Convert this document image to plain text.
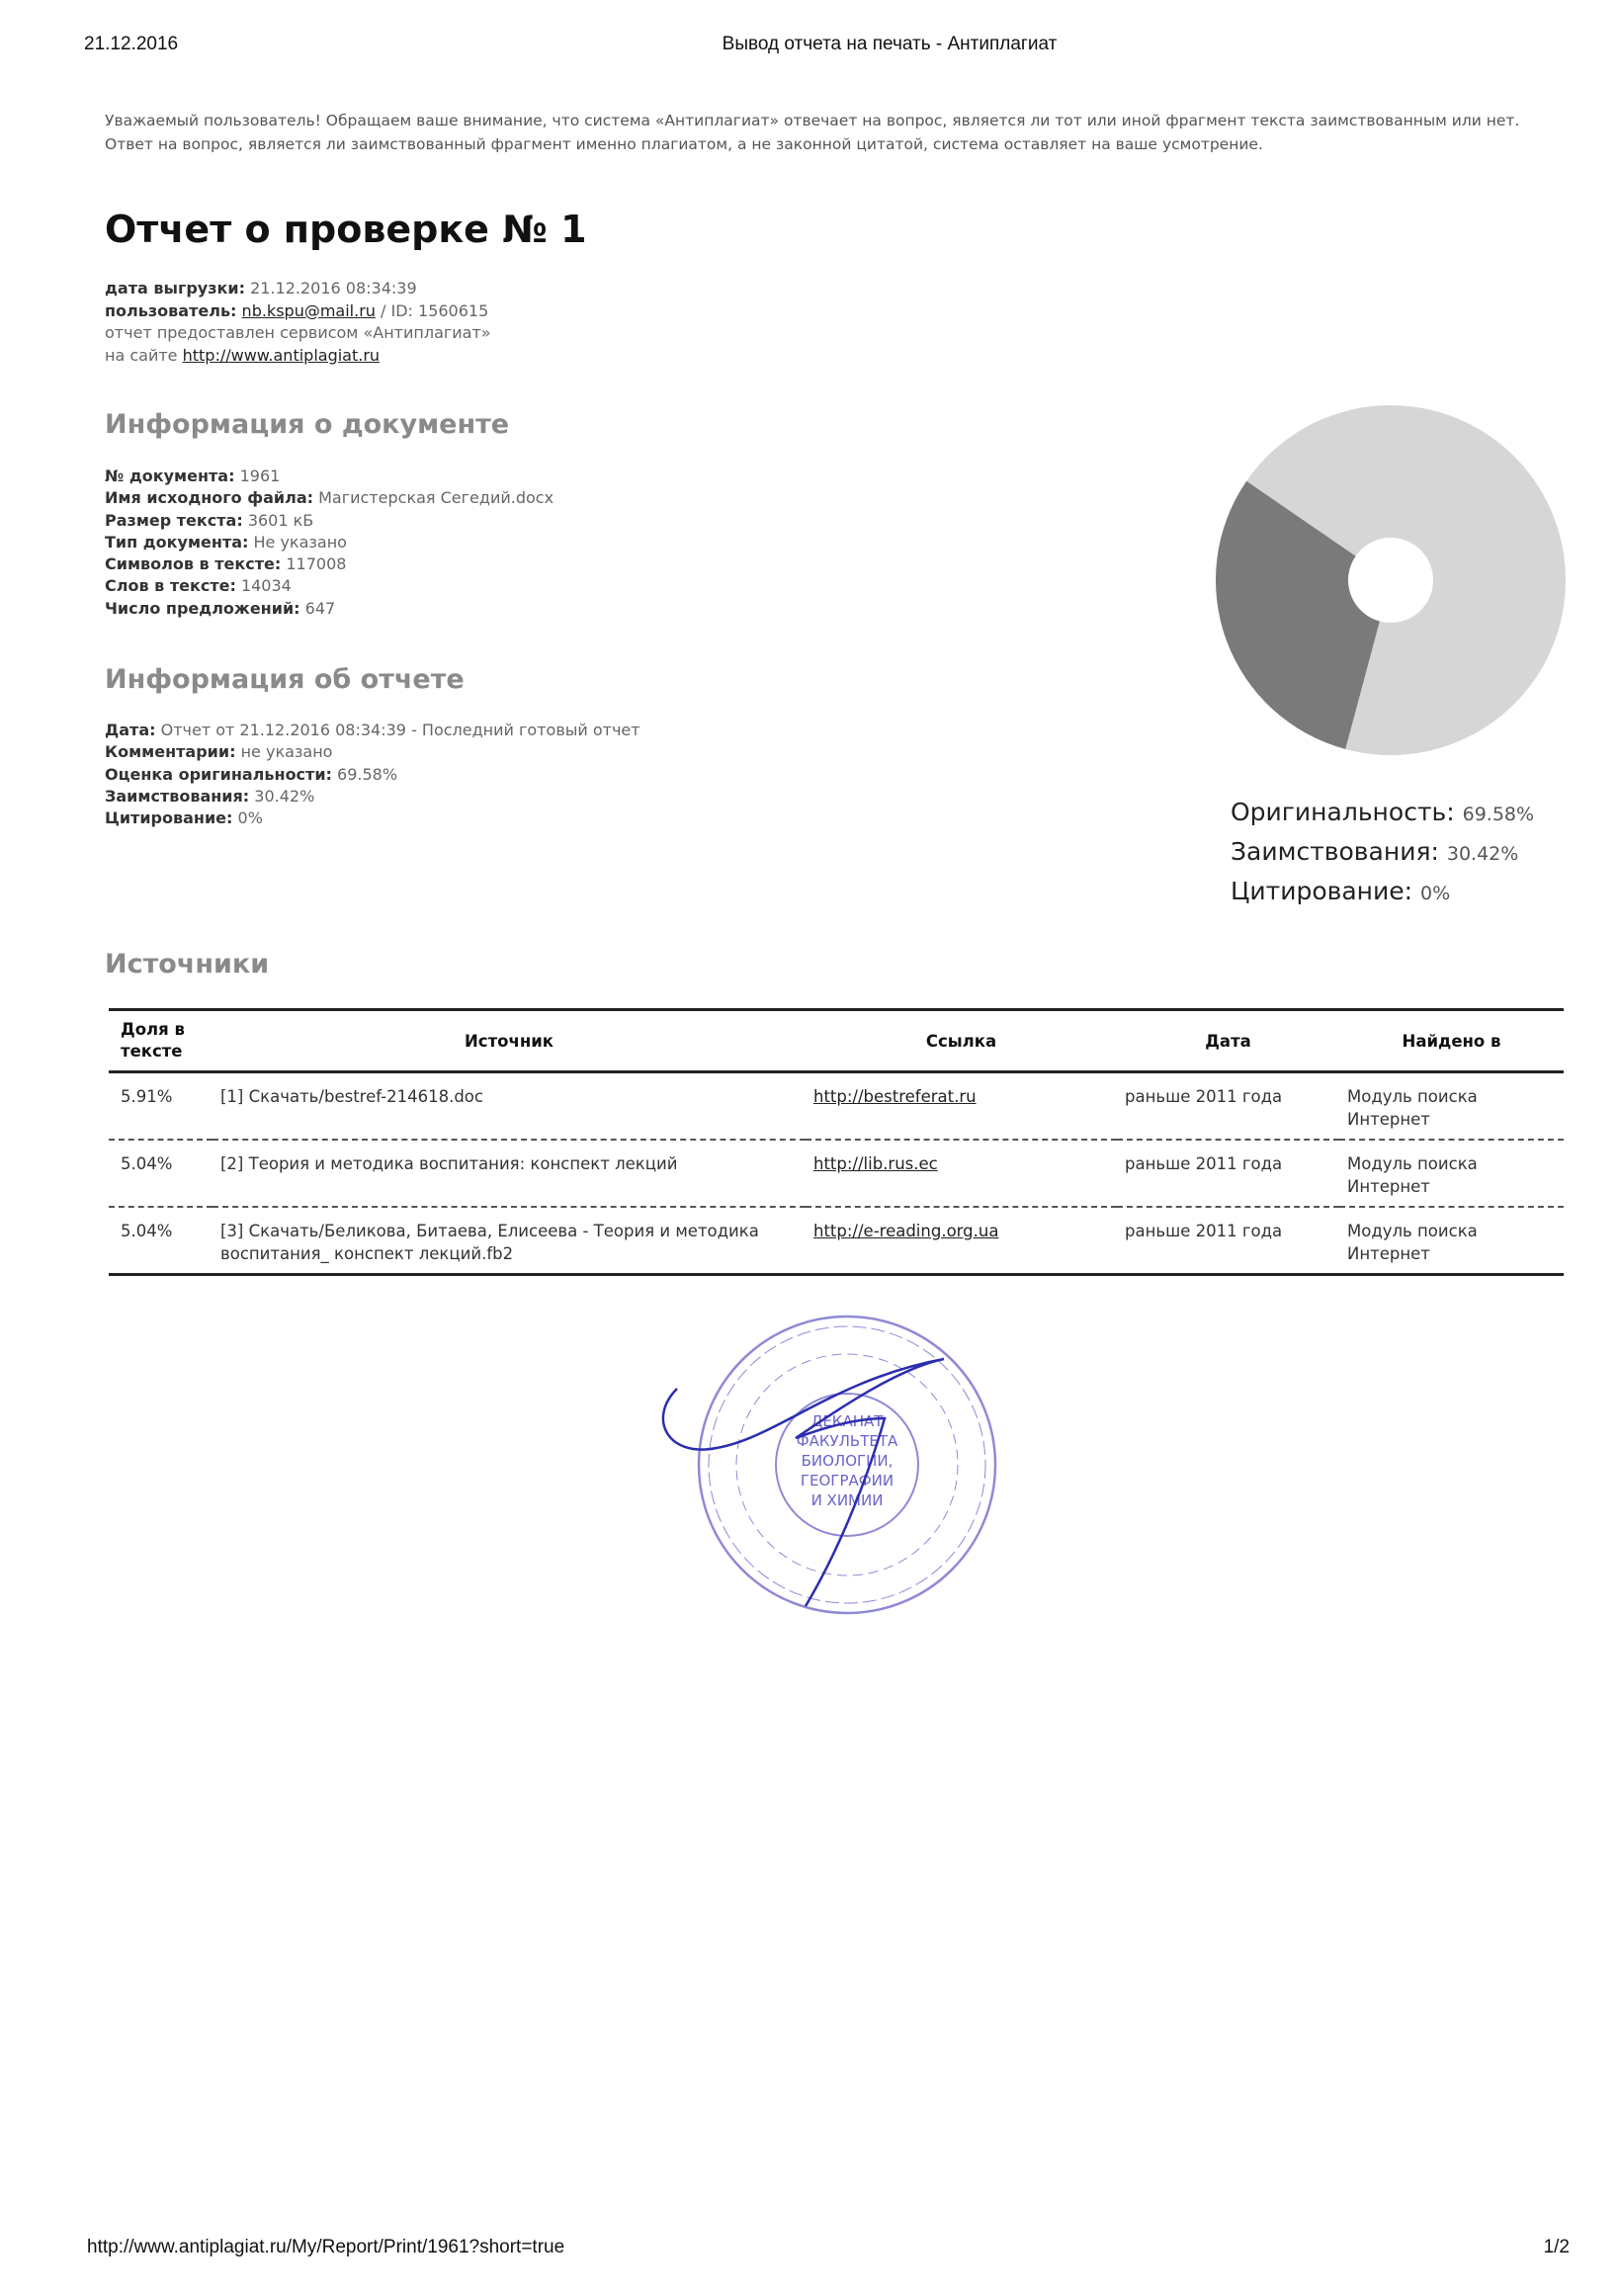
21.12.2016	Вывод отчета на печать - Антиплагиат
Уважаемый пользователь! Обращаем ваше внимание, что система «Антиплагиат» отвечает на вопрос, является ли тот или иной фрагмент текста заимствованным или нет. Ответ на вопрос, является ли заимствованный фрагмент именно плагиатом, а не законной цитатой, система оставляет на ваше усмотрение.
Отчет о проверке № 1
дата выгрузки: 21.12.2016 08:34:39
пользователь: nb.kspu@mail.ru / ID: 1560615
отчет предоставлен сервисом «Антиплагиат»
на сайте http://www.antiplagiat.ru
Информация о документе
№ документа: 1961
Имя исходного файла: Магистерская Сегедий.docx
Размер текста: 3601 кБ
Тип документа: Не указано
Символов в тексте: 117008
Слов в тексте: 14034
Число предложений: 647
Информация об отчете
Дата: Отчет от 21.12.2016 08:34:39 - Последний готовый отчет
Комментарии: не указано
Оценка оригинальности: 69.58%
Заимствования: 30.42%
Цитирование: 0%	Оригинальность: 69.58%
Заимствования: 30.42%
Цитирование: 0%
Источники
Доля в тексте	Источник	Ссылка	Дата	Найдено в
5.91%	[1] Скачать/bestref-214618.doc	http://bestreferat.ru	раньше 2011 года	Модуль поиска Интернет
5.04%	[2] Теория и методика воспитания: конспект лекций	http://lib.rus.ec	раньше 2011 года	Модуль поиска Интернет
5.04%	[3] Скачать/Беликова, Битаева, Елисеева - Теория и методика воспитания_ конспект лекций.fb2	http://e-reading.org.ua	раньше 2011 года	Модуль поиска Интернет
ДЕКАНАТ
ФАКУЛЬТЕТА
БИОЛОГИИ,
ГЕОГРАФИИ
И ХИМИИ
http://www.antiplagiat.ru/My/Report/Print/1961?short=true	1/2
